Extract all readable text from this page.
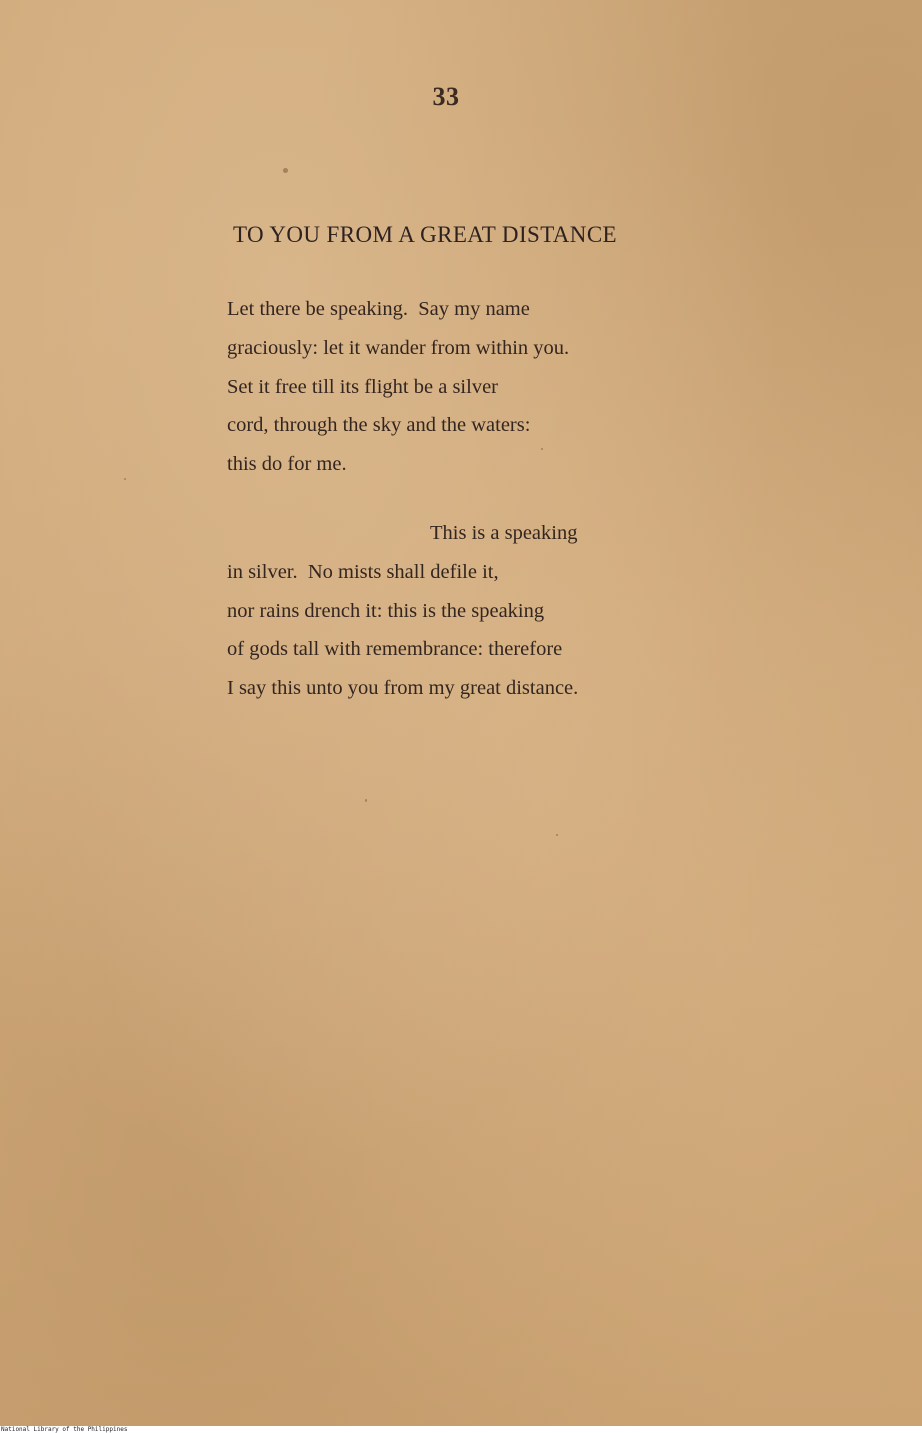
33
TO YOU FROM A GREAT DISTANCE
Let there be speaking.  Say my name
graciously: let it wander from within you.
Set it free till its flight be a silver
cord, through the sky and the waters:
this do for me.
This is a speaking
in silver.  No mists shall defile it,
nor rains drench it: this is the speaking
of gods tall with remembrance: therefore
I say this unto you from my great distance.
National Library of the Philippines
